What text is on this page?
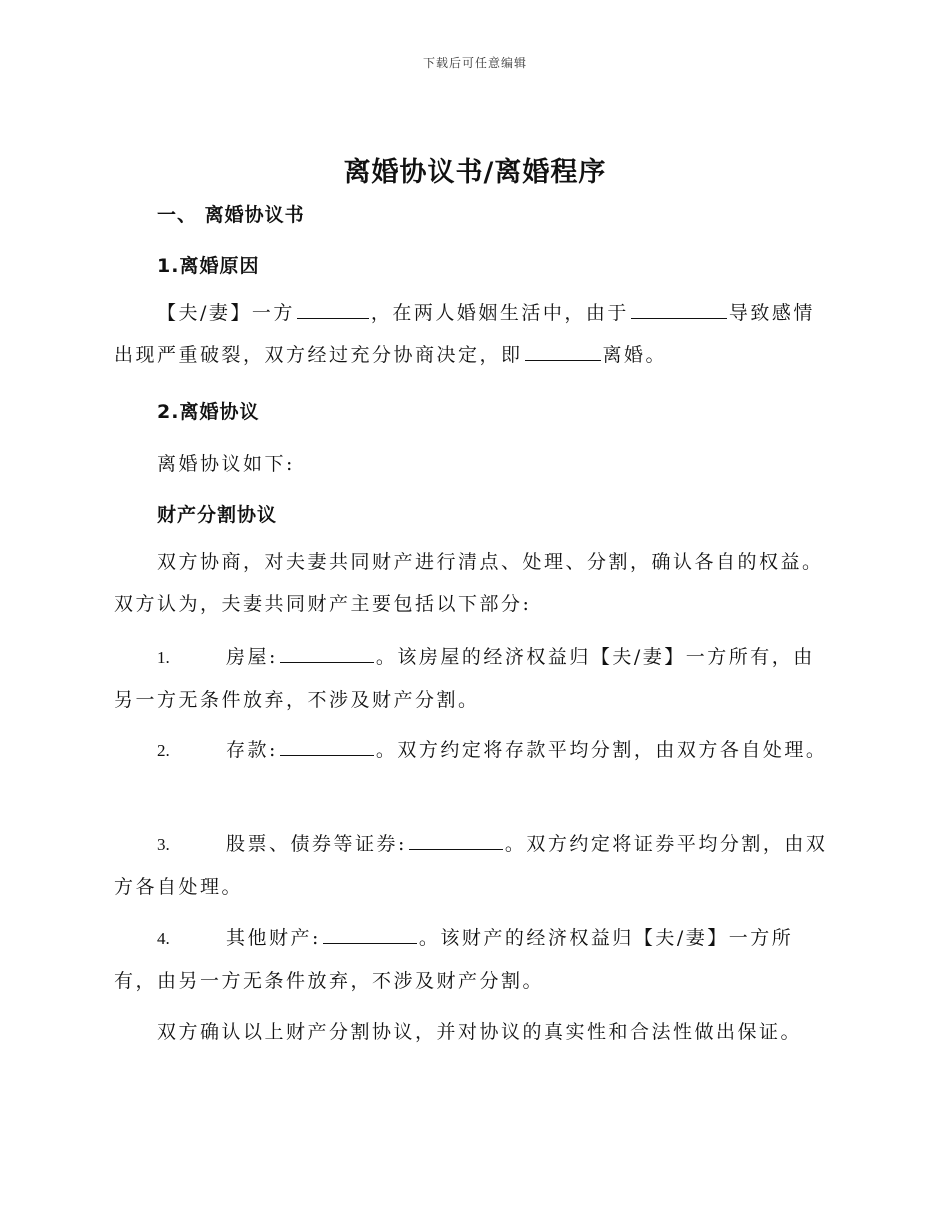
下载后可任意编辑
离婚协议书/离婚程序
一、 离婚协议书
1.离婚原因
【夫/妻】一方	，在两人婚姻生活中，由于	导致感情出现严重破裂，双方经过充分协商决定，即	离婚。
2.离婚协议
离婚协议如下:
财产分割协议
双方协商，对夫妻共同财产进行清点、处理、分割，确认各自的权益。双方认为，夫妻共同财产主要包括以下部分:
1.	房屋:	。该房屋的经济权益归【夫/妻】一方所有，由另一方无条件放弃，不涉及财产分割。
2.	存款:	。双方约定将存款平均分割，由双方各自处理。
3.	股票、债券等证券:	。双方约定将证券平均分割，由双方各自处理。
4.	其他财产:	。该财产的经济权益归【夫/妻】一方所有，由另一方无条件放弃，不涉及财产分割。
双方确认以上财产分割协议，并对协议的真实性和合法性做出保证。
